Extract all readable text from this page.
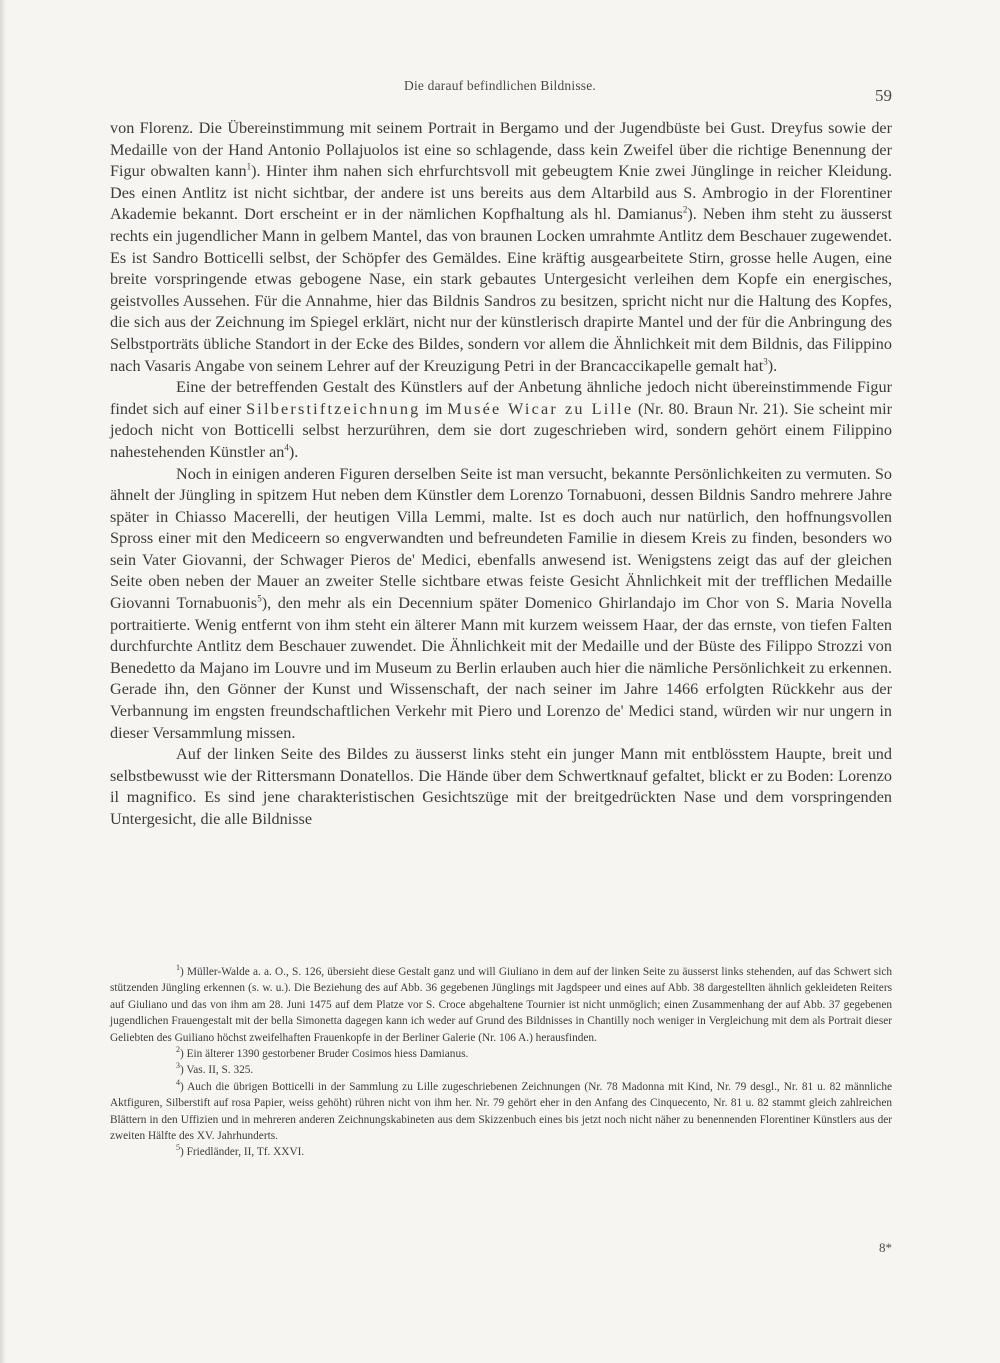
Die darauf befindlichen Bildnisse.
59

von Florenz. Die Übereinstimmung mit seinem Portrait in Bergamo und der Jugendbüste bei Gust. Dreyfus sowie der Medaille von der Hand Antonio Pollajuolos ist eine so schlagende, dass kein Zweifel über die richtige Benennung der Figur obwalten kann$^1$). Hinter ihm nahen sich ehrfurchtsvoll mit gebeugtem Knie zwei Jünglinge in reicher Kleidung. Des einen Antlitz ist nicht sichtbar, der andere ist uns bereits aus dem Altarbild aus S. Ambrogio in der Florentiner Akademie bekannt. Dort erscheint er in der nämlichen Kopfhaltung als hl. Damianus$^2$). Neben ihm steht zu äusserst rechts ein jugendlicher Mann in gelbem Mantel, das von braunen Locken umrahmte Antlitz dem Beschauer zugewendet. Es ist Sandro Botticelli selbst, der Schöpfer des Gemäldes. Eine kräftig ausgearbeitete Stirn, grosse helle Augen, eine breite vorspringende etwas gebogene Nase, ein stark gebautes Untergesicht verleihen dem Kopfe ein energisches, geistvolles Aussehen. Für die Annahme, hier das Bildnis Sandros zu besitzen, spricht nicht nur die Haltung des Kopfes, die sich aus der Zeichnung im Spiegel erklärt, nicht nur der künstlerisch drapirte Mantel und der für die Anbringung des Selbstporträts übliche Standort in der Ecke des Bildes, sondern vor allem die Ähnlichkeit mit dem Bildnis, das Filippino nach Vasaris Angabe von seinem Lehrer auf der Kreuzigung Petri in der Brancaccikapelle gemalt hat$^3$).

Eine der betreffenden Gestalt des Künstlers auf der Anbetung ähnliche jedoch nicht übereinstimmende Figur findet sich auf einer Silberstiftzeichnung im Musée Wicar zu Lille (Nr. 80. Braun Nr. 21). Sie scheint mir jedoch nicht von Botticelli selbst herzurühren, dem sie dort zugeschrieben wird, sondern gehört einem Filippino nahestehenden Künstler $an^4$).

Noch in einigen anderen Figuren derselben Seite ist man versucht, bekannte Persönlichkeiten zu vermuten. So ähnelt der Jüngling in spitzem Hut neben dem Künstler dem Lorenzo Tornabuoni, dessen Bildnis Sandro mehrere Jahre später in Chiasso Macerelli, der heutigen Villa Lemmi, malte. Ist es doch auch nur natürlich, den hoffnungsvollen Spross einer mit den Mediceern so engverwandten und befreundeten Familie in diesem Kreis zu finden, besonders wo sein Vater Giovanni, der Schwager Pieros de' Medici, ebenfalls anwesend ist. Wenigstens zeigt das auf der gleichen Seite oben neben der Mauer an zweiter Stelle sichtbare etwas feiste Gesicht Ähnlichkeit mit der trefflichen Medaille Giovanni Tornabuonis$^5$), den mehr als ein Decennium später Domenico Ghirlandajo im Chor von S. Maria Novella portraitierte. Wenig entfernt von ihm steht ein älterer Mann mit kurzem weissem Haar, der das ernste, von tiefen Falten durchfurchte Antlitz dem Beschauer zuwendet. Die Ähnlichkeit mit der Medaille und der Büste des Filippo Strozzi von Benedetto da Majano im Louvre und im Museum zu Berlin erlauben auch hier die nämliche Persönlichkeit zu erkennen. Gerade ihn, den Gönner der Kunst und Wissenschaft, der nach seiner im Jahre 1466 erfolgten Rückkehr aus der Verbannung im engsten freundschaftlichen Verkehr mit Piero und Lorenzo de' Medici stand, würden wir nur ungern in dieser Versammlung missen.

Auf der linken Seite des Bildes zu äusserst links steht ein junger Mann mit entblösstem Haupte, breit und selbstbewusst wie der Rittersmann Donatellos. Die Hände über dem Schwertknauf gefaltet, blickt er zu Boden: Lorenzo il magnifico. Es sind jene charakteristischen Gesichtszüge mit der breitgedrückten Nase und dem vorspringenden Untergesicht, die alle Bildnisse

$^1$) Müller-Walde a. a. O., S. 126, übersieht diese Gestalt ganz und will Giuliano in dem auf der linken Seite zu äusserst links stehenden, auf das Schwert sich stützenden Jüngling erkennen (s. w. u.). Die Beziehung des auf Abb. 36 gegebenen Jünglings mit Jagdspeer und eines auf Abb. 38 dargestellten ähnlich gekleideten Reiters auf Giuliano und das von ihm am 28. Juni 1475 auf dem Platze vor S. Croce abgehaltene Tournier ist nicht unmöglich; einen Zusammenhang der auf Abb. 37 gegebenen jugendlichen Frauengestalt mit der bella Simonetta dagegen kann ich weder auf Grund des Bildnisses in Chantilly noch weniger in Vergleichung mit dem als Portrait dieser Geliebten des Guiliano höchst zweifelhaften Frauenkopfe in der Berliner Galerie (Nr. 106 A.) herausfinden.

$^2$) Ein älterer 1390 gestorbener Bruder Cosimos hiess Damianus.

$^3$) Vas. II, S. 325.

$^4$) Auch die übrigen Botticelli in der Sammlung zu Lille zugeschriebenen Zeichnungen (Nr. 78 Madonna mit Kind, Nr. 79 desgl., Nr. 81 u. 82 männliche Aktfiguren, Silberstift auf rosa Papier, weiss gehöht) rühren nicht von ihm her. Nr. 79 gehört eher in den Anfang des Cinquecento, Nr. 81 u. 82 stammt gleich zahlreichen Blättern in den Uffizien und in mehreren anderen Zeichnungskabineten aus dem Skizzenbuch eines bis jetzt noch nicht näher zu benennenden Florentiner Künstlers aus der zweiten Hälfte des XV. Jahrhunderts.

$^5$) Friedländer, II, Tf. XXVI.

8*
